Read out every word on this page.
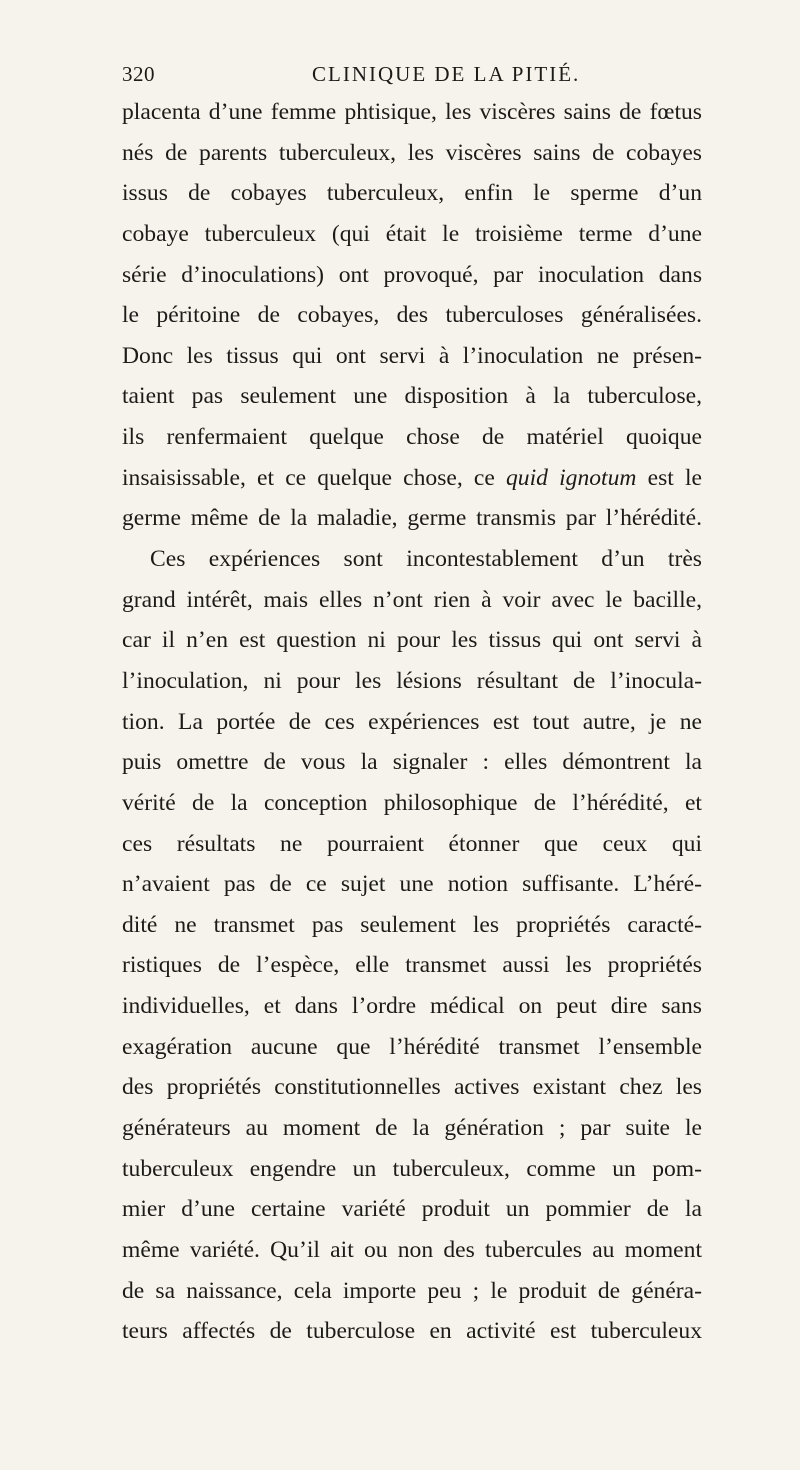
320	CLINIQUE DE LA PITIÉ.
placenta d’une femme phtisique, les viscères sains de fœtus
nés de parents tuberculeux, les viscères sains de cobayes
issus de cobayes tuberculeux, enfin le sperme d’un
cobaye tuberculeux (qui était le troisième terme d’une
série d’inoculations) ont provoqué, par inoculation dans
le péritoine de cobayes, des tuberculoses généralisées.
Donc les tissus qui ont servi à l’inoculation ne présen-
taient pas seulement une disposition à la tuberculose,
ils renfermaient quelque chose de matériel quoique
insaisissable, et ce quelque chose, ce quid ignotum est le
germe même de la maladie, germe transmis par l’hérédité.
Ces expériences sont incontestablement d’un très
grand intérêt, mais elles n’ont rien à voir avec le bacille,
car il n’en est question ni pour les tissus qui ont servi à
l’inoculation, ni pour les lésions résultant de l’inocula-
tion. La portée de ces expériences est tout autre, je ne
puis omettre de vous la signaler : elles démontrent la
vérité de la conception philosophique de l’hérédité, et
ces résultats ne pourraient étonner que ceux qui
n’avaient pas de ce sujet une notion suffisante. L’héré-
dité ne transmet pas seulement les propriétés caracté-
ristiques de l’espèce, elle transmet aussi les propriétés
individuelles, et dans l’ordre médical on peut dire sans
exagération aucune que l’hérédité transmet l’ensemble
des propriétés constitutionnelles actives existant chez les
générateurs au moment de la génération ; par suite le
tuberculeux engendre un tuberculeux, comme un pom-
mier d’une certaine variété produit un pommier de la
même variété. Qu’il ait ou non des tubercules au moment
de sa naissance, cela importe peu ; le produit de généra-
teurs affectés de tuberculose en activité est tuberculeux
